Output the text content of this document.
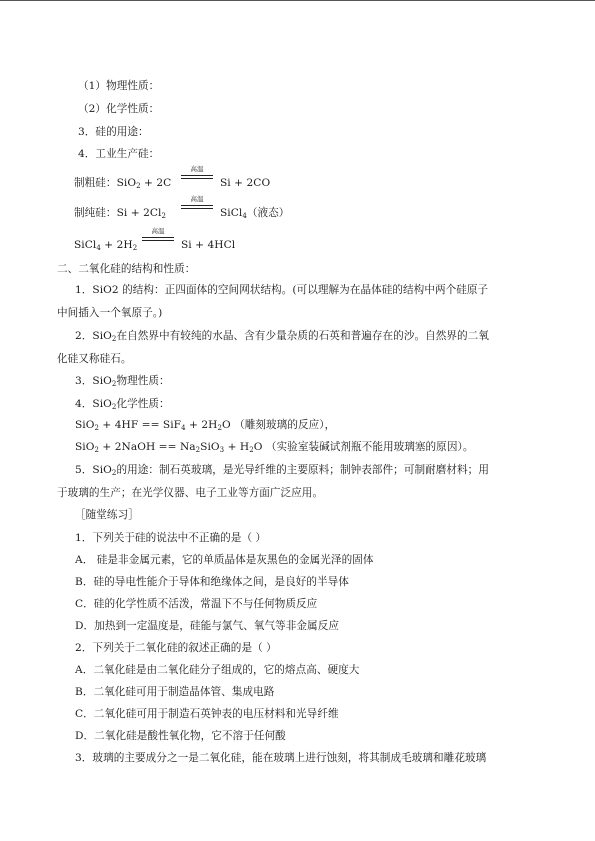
（1）物理性质：
（2）化学性质：
3．硅的用途：
4．工业生产硅：
制粗硅：SiO$_2$ + 2C
高温
Si + 2CO
制纯硅：$Si + 2Cl_2$
高温
SiCl$_4$（液态）
SiCl$_4$ + $2H_2$
高温
Si + 4HCl
二、二氧化硅的结构和性质：
1．SiO2 的结构：正四面体的空间网状结构。(可以理解为在晶体硅的结构中两个硅原子
中间插入一个氧原子。)
2．SiO$_2$在自然界中有较纯的水晶、含有少量杂质的石英和普遍存在的沙。自然界的二氧
化硅又称硅石。
3．SiO$_2$物理性质：
4．SiO$_2$化学性质：
$SiO_2 + 4HF == SiF_4 + 2H_2O$ （雕刻玻璃的反应），
SiO$_2$ + 2NaOH == $Na_2SiO_3 + H_2O$ （实验室装碱试剂瓶不能用玻璃塞的原因）。
5．SiO$_2$的用途：制石英玻璃，是光导纤维的主要原料；制钟表部件；可制耐磨材料；用
于玻璃的生产；在光学仪器、电子工业等方面广泛应用。
［随堂练习］
1．下列关于硅的说法中不正确的是（ ）
A． 硅是非金属元素，它的单质晶体是灰黑色的金属光泽的固体
B．硅的导电性能介于导体和绝缘体之间，是良好的半导体
C．硅的化学性质不活泼，常温下不与任何物质反应
D．加热到一定温度是，硅能与氯气、氧气等非金属反应
2．下列关于二氧化硅的叙述正确的是（ ）
A．二氧化硅是由二氧化硅分子组成的，它的熔点高、硬度大
B．二氧化硅可用于制造晶体管、集成电路
C．二氧化硅可用于制造石英钟表的电压材料和光导纤维
D．二氧化硅是酸性氧化物，它不溶于任何酸
3．玻璃的主要成分之一是二氧化硅，能在玻璃上进行蚀刻，将其制成毛玻璃和雕花玻璃
